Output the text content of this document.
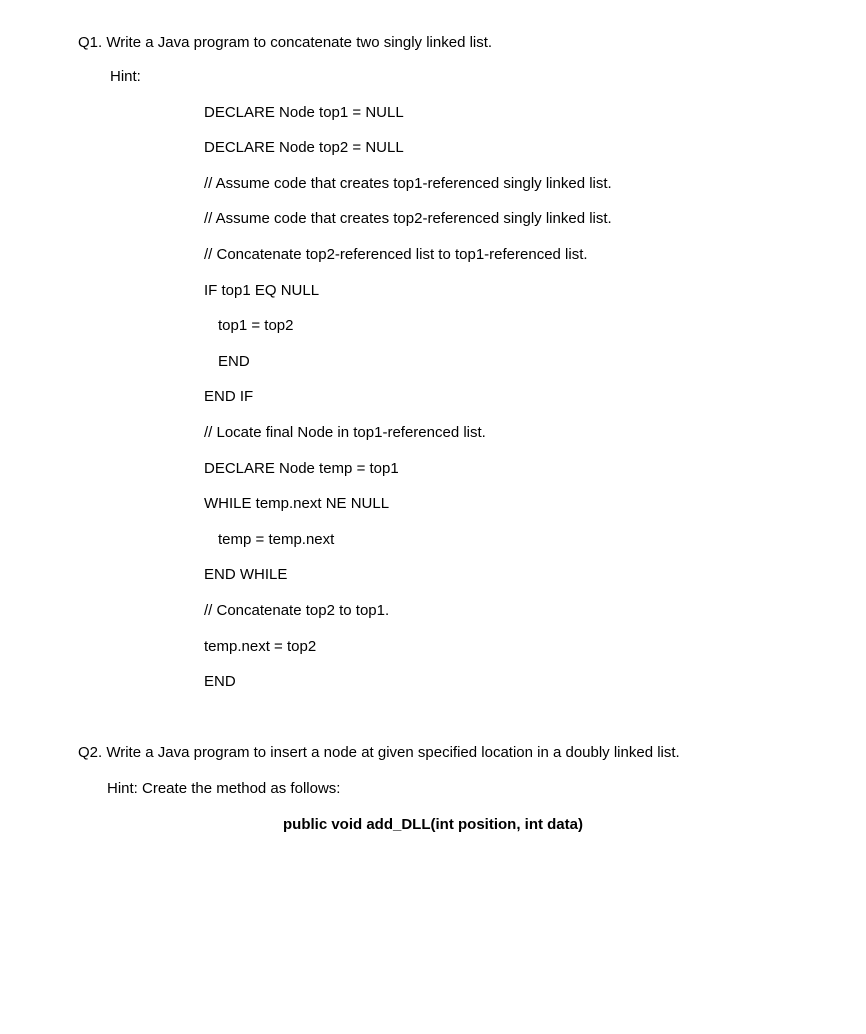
Q1. Write a Java program to concatenate two singly linked list.
Hint:
DECLARE Node top1 = NULL
DECLARE Node top2 = NULL
// Assume code that creates top1-referenced singly linked list.
// Assume code that creates top2-referenced singly linked list.
// Concatenate top2-referenced list to top1-referenced list.
IF top1 EQ NULL
top1 = top2
END
END IF
// Locate final Node in top1-referenced list.
DECLARE Node temp = top1
WHILE temp.next NE NULL
temp = temp.next
END WHILE
// Concatenate top2 to top1.
temp.next = top2
END
Q2. Write a Java program to insert a node at given specified location in a doubly linked list.
Hint: Create the method as follows:
public void add_DLL(int position, int data)
